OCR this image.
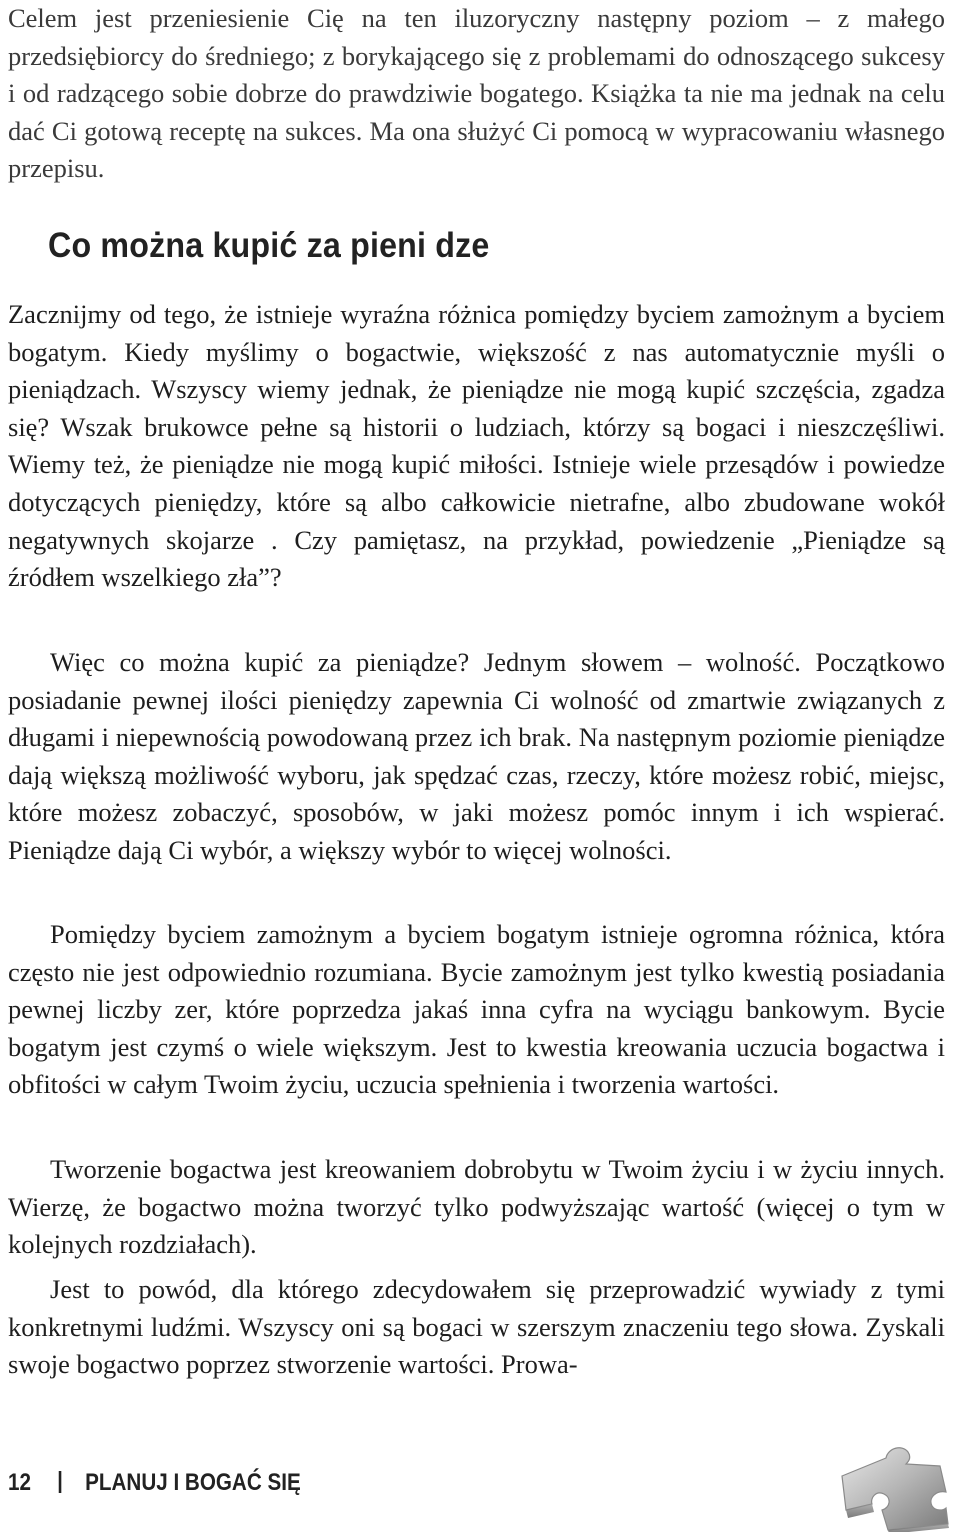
Celem jest przeniesienie Cię na ten iluzoryczny następny poziom – z małego przedsiębiorcy do średniego; z borykającego się z problemami do odnoszącego sukcesy i od radzącego sobie dobrze do prawdziwie bogatego. Książka ta nie ma jednak na celu dać Ci gotową receptę na sukces. Ma ona służyć Ci pomocą w wypracowaniu własnego przepisu.

Co można kupić za pieni dze

Zacznijmy od tego, że istnieje wyraźna różnica pomiędzy byciem zamożnym a byciem bogatym. Kiedy myślimy o bogactwie, większość z nas automatycznie myśli o pieniądzach. Wszyscy wiemy jednak, że pieniądze nie mogą kupić szczęścia, zgadza się? Wszak brukowce pełne są historii o ludziach, którzy są bogaci i nieszczęśliwi. Wiemy też, że pieniądze nie mogą kupić miłości. Istnieje wiele przesądów i powiedze dotyczących pieniędzy, które są albo całkowicie nietrafne, albo zbudowane wokół negatywnych skojarze . Czy pamiętasz, na przykład, powiedzenie „Pieniądze są źródłem wszelkiego zła”?

Więc co można kupić za pieniądze? Jednym słowem – wolność. Początkowo posiadanie pewnej ilości pieniędzy zapewnia Ci wolność od zmartwie związanych z długami i niepewnością powodowaną przez ich brak. Na następnym poziomie pieniądze dają większą możliwość wyboru, jak spędzać czas, rzeczy, które możesz robić, miejsc, które możesz zobaczyć, sposobów, w jaki możesz pomóc innym i ich wspierać. Pieniądze dają Ci wybór, a większy wybór to więcej wolności.

Pomiędzy byciem zamożnym a byciem bogatym istnieje ogromna różnica, która często nie jest odpowiednio rozumiana. Bycie zamożnym jest tylko kwestią posiadania pewnej liczby zer, które poprzedza jakaś inna cyfra na wyciągu bankowym. Bycie bogatym jest czymś o wiele większym. Jest to kwestia kreowania uczucia bogactwa i obfitości w całym Twoim życiu, uczucia spełnienia i tworzenia wartości.

Tworzenie bogactwa jest kreowaniem dobrobytu w Twoim życiu i w życiu innych. Wierzę, że bogactwo można tworzyć tylko podwyższając wartość (więcej o tym w kolejnych rozdziałach).

Jest to powód, dla którego zdecydowałem się przeprowadzić wywiady z tymi konkretnymi ludźmi. Wszyscy oni są bogaci w szerszym znaczeniu tego słowa. Zyskali swoje bogactwo poprzez stworzenie wartości. Prowa-

12 PLANUJ I BOGAĆ SIĘ
